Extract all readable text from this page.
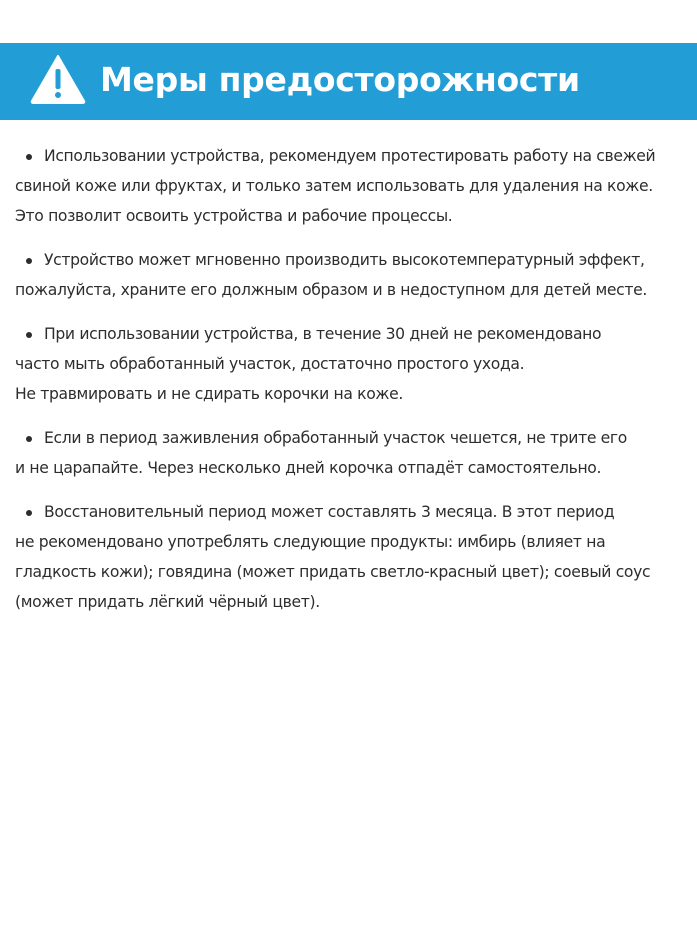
Меры предосторожности
Использовании устройства, рекомендуем протестировать работу на свежей
свиной коже или фруктах, и только затем использовать для удаления на коже.
Это позволит освоить устройства и рабочие процессы.
Устройство может мгновенно производить высокотемпературный эффект,
пожалуйста, храните его должным образом и в недоступном для детей месте.
При использовании устройства, в течение 30 дней не рекомендовано
часто мыть обработанный участок, достаточно простого ухода.
Не травмировать и не сдирать корочки на коже.
Если в период заживления обработанный участок чешется, не трите его
и не царапайте. Через несколько дней корочка отпадёт самостоятельно.
Восстановительный период может составлять 3 месяца. В этот период
не рекомендовано употреблять следующие продукты: имбирь (влияет на
гладкость кожи); говядина (может придать светло-красный цвет); соевый соус
(может придать лёгкий чёрный цвет).
